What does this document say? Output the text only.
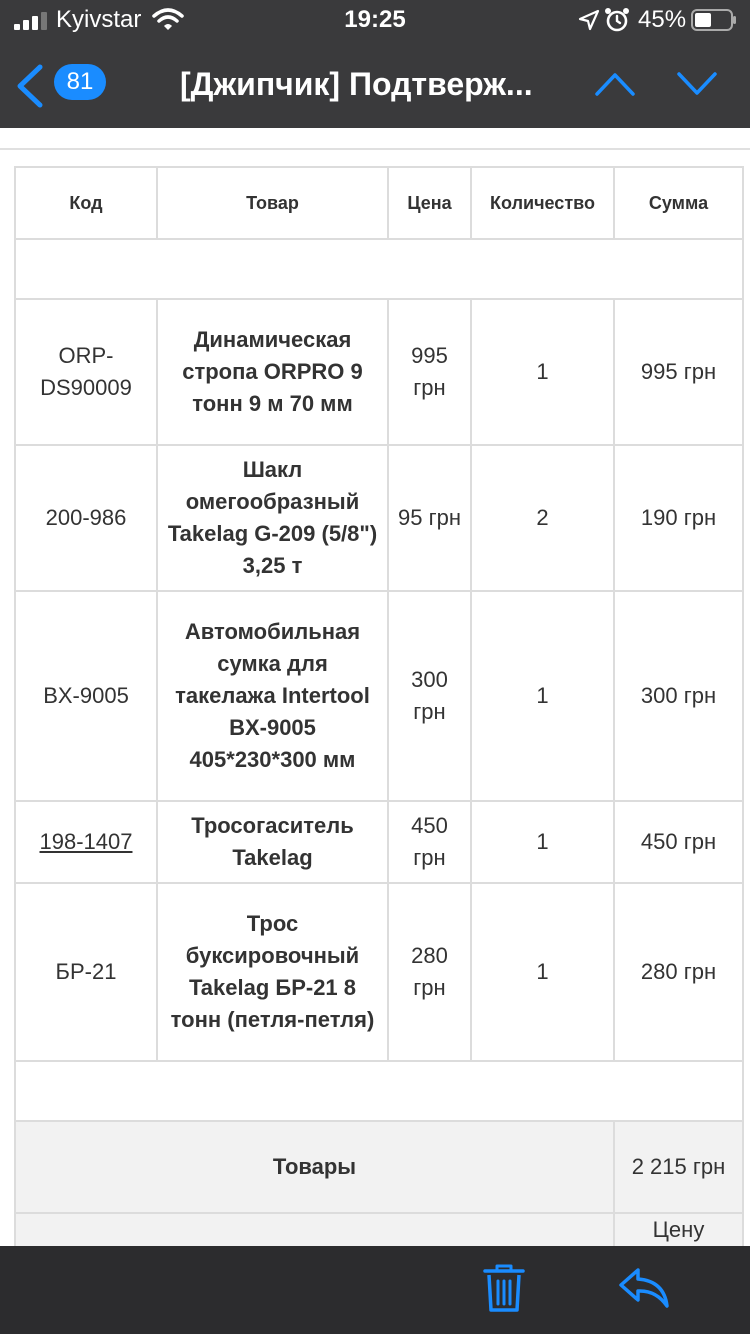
Kyivstar	19:25	45%
81	[Джипчик] Подтверж...
Код	Товар	Цена	Количество	Сумма

ORP-DS90009	Динамическая стропа ORPRO 9 тонн 9 м 70 мм	995 грн	1	995 грн
200-986	Шакл омегообразный Takelag G-209 (5/8") 3,25 т	95 грн	2	190 грн
BX-9005	Автомобильная сумка для такелажа Intertool BX-9005 405*230*300 мм	300 грн	1	300 грн
198-1407	Тросогаситель Takelag	450 грн	1	450 грн
БР-21	Трос буксировочный Takelag БР-21 8 тонн (петля-петля)	280 грн	1	280 грн

Товары				2 215 грн
				Цену
